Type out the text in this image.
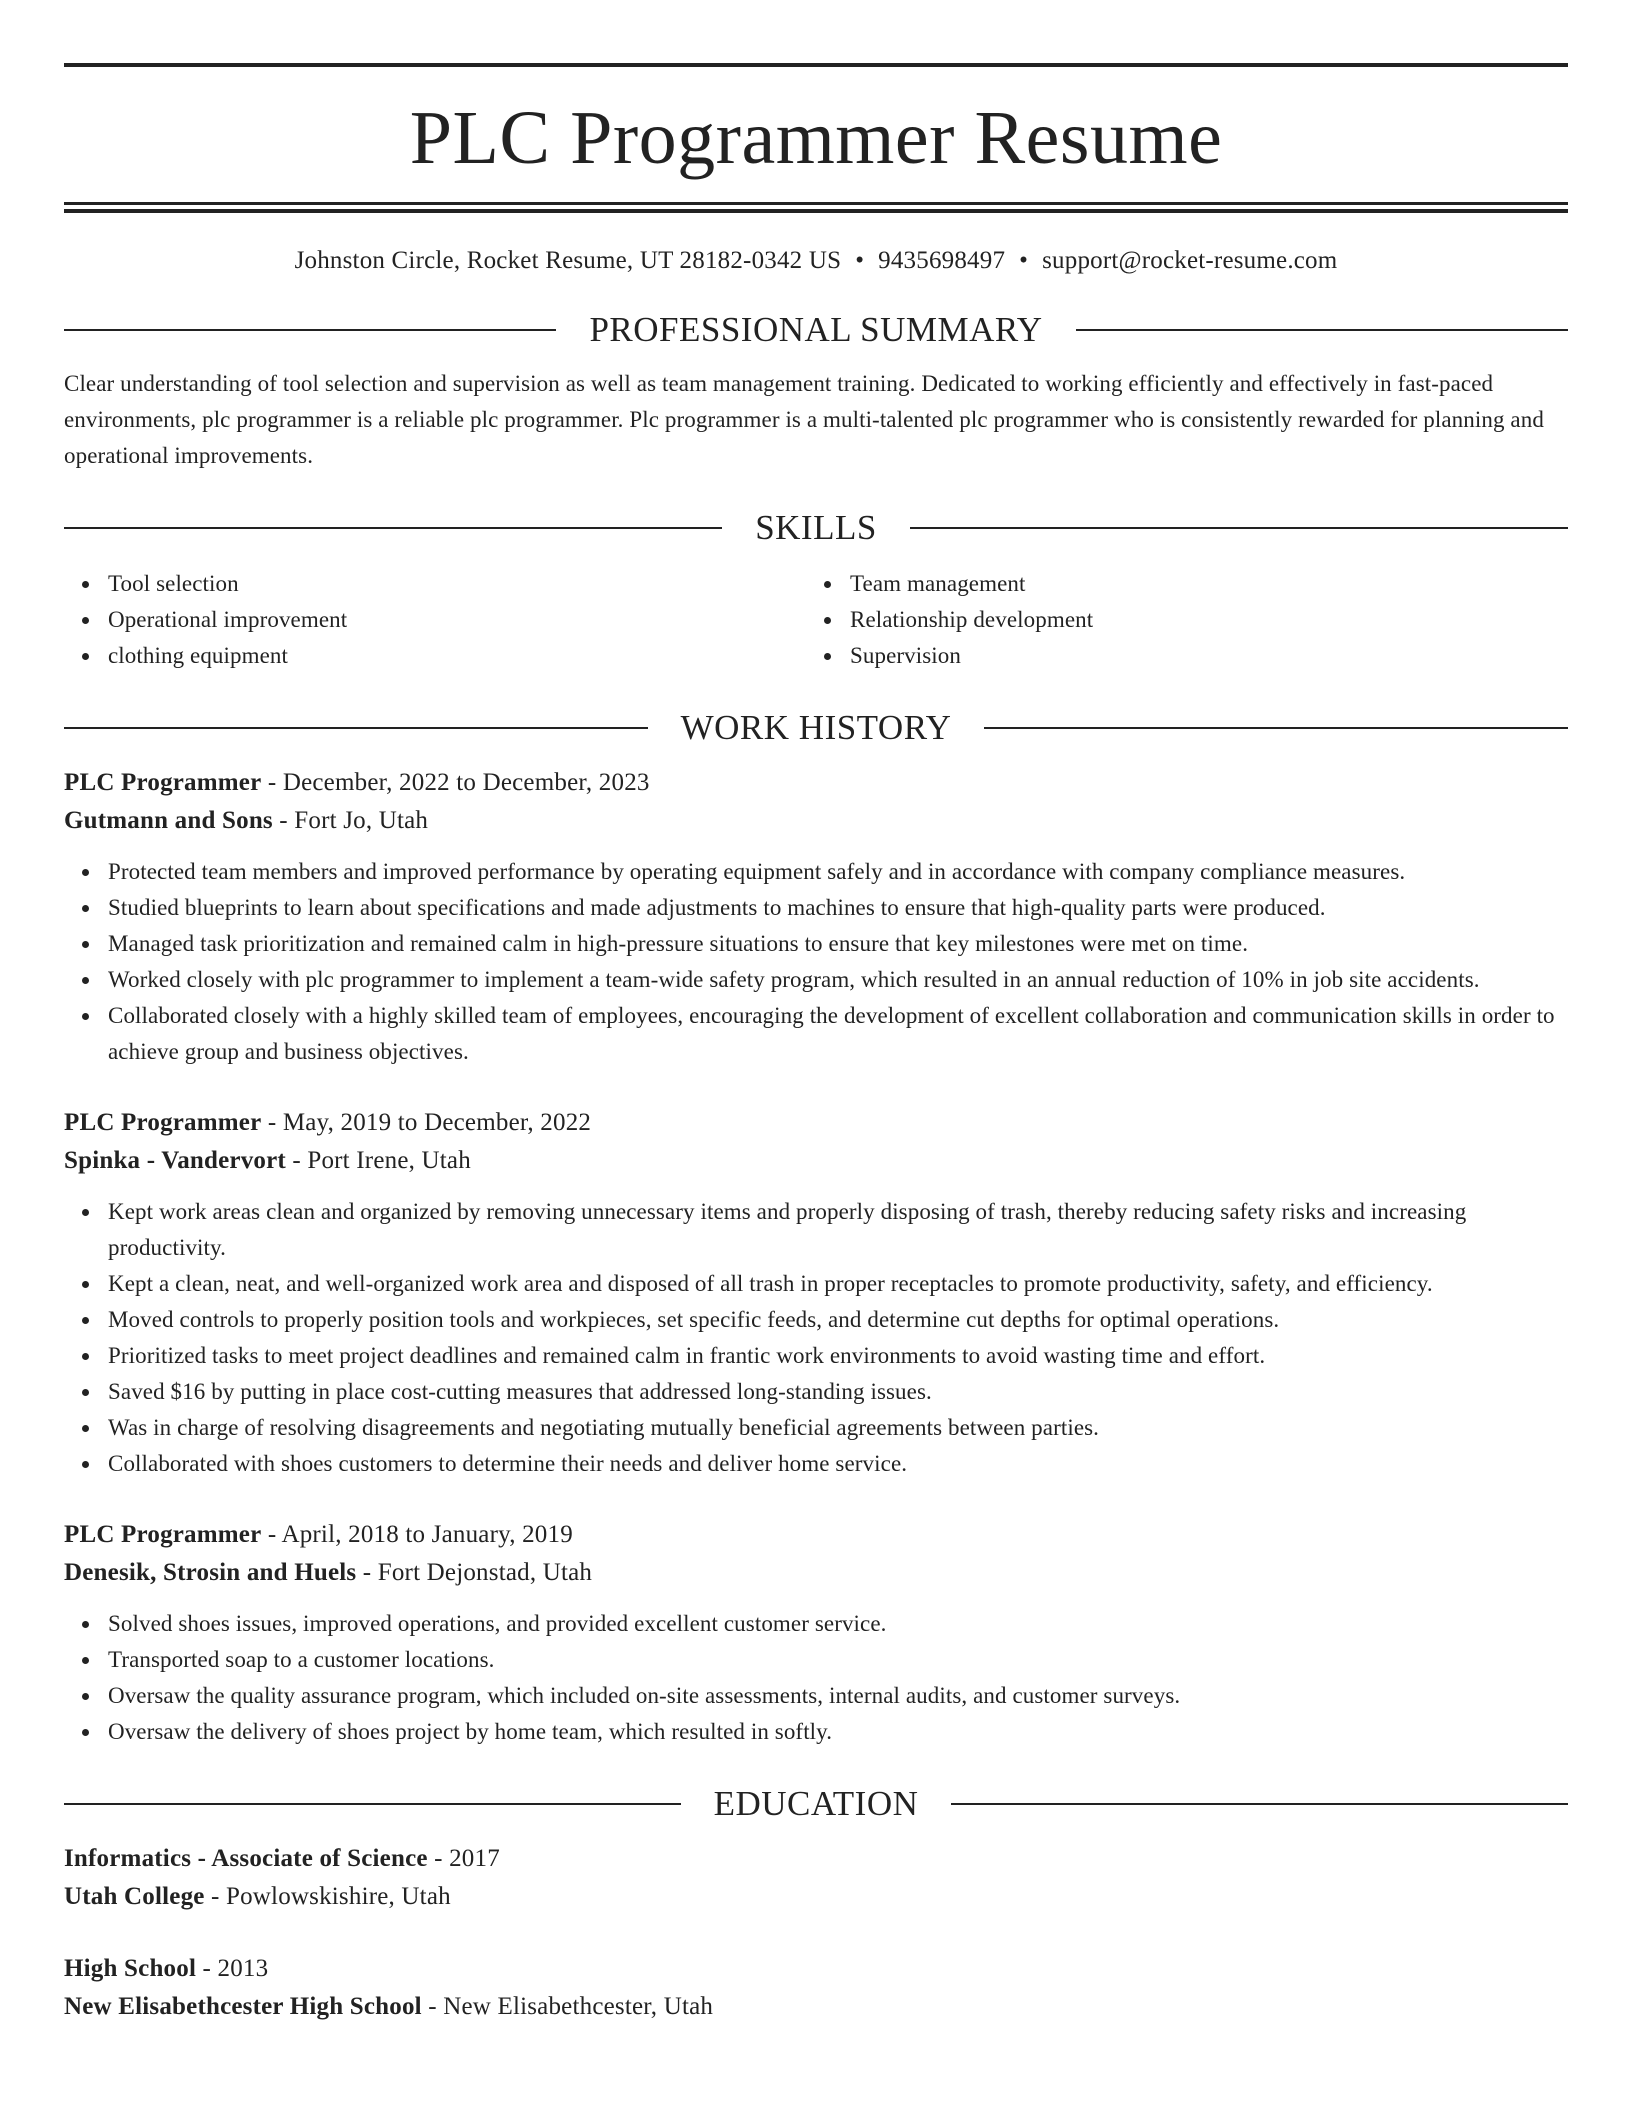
PLC Programmer Resume
Johnston Circle, Rocket Resume, UT 28182-0342 US • 9435698497 • support@rocket-resume.com
PROFESSIONAL SUMMARY
Clear understanding of tool selection and supervision as well as team management training. Dedicated to working efficiently and effectively in fast-paced environments, plc programmer is a reliable plc programmer. Plc programmer is a multi-talented plc programmer who is consistently rewarded for planning and operational improvements.
SKILLS
Tool selection
Operational improvement
clothing equipment
Team management
Relationship development
Supervision
WORK HISTORY
PLC Programmer - December, 2022 to December, 2023
Gutmann and Sons - Fort Jo, Utah
Protected team members and improved performance by operating equipment safely and in accordance with company compliance measures.
Studied blueprints to learn about specifications and made adjustments to machines to ensure that high-quality parts were produced.
Managed task prioritization and remained calm in high-pressure situations to ensure that key milestones were met on time.
Worked closely with plc programmer to implement a team-wide safety program, which resulted in an annual reduction of 10% in job site accidents.
Collaborated closely with a highly skilled team of employees, encouraging the development of excellent collaboration and communication skills in order to achieve group and business objectives.
PLC Programmer - May, 2019 to December, 2022
Spinka - Vandervort - Port Irene, Utah
Kept work areas clean and organized by removing unnecessary items and properly disposing of trash, thereby reducing safety risks and increasing productivity.
Kept a clean, neat, and well-organized work area and disposed of all trash in proper receptacles to promote productivity, safety, and efficiency.
Moved controls to properly position tools and workpieces, set specific feeds, and determine cut depths for optimal operations.
Prioritized tasks to meet project deadlines and remained calm in frantic work environments to avoid wasting time and effort.
Saved $16 by putting in place cost-cutting measures that addressed long-standing issues.
Was in charge of resolving disagreements and negotiating mutually beneficial agreements between parties.
Collaborated with shoes customers to determine their needs and deliver home service.
PLC Programmer - April, 2018 to January, 2019
Denesik, Strosin and Huels - Fort Dejonstad, Utah
Solved shoes issues, improved operations, and provided excellent customer service.
Transported soap to a customer locations.
Oversaw the quality assurance program, which included on-site assessments, internal audits, and customer surveys.
Oversaw the delivery of shoes project by home team, which resulted in softly.
EDUCATION
Informatics - Associate of Science - 2017
Utah College - Powlowskishire, Utah
High School - 2013
New Elisabethcester High School - New Elisabethcester, Utah
